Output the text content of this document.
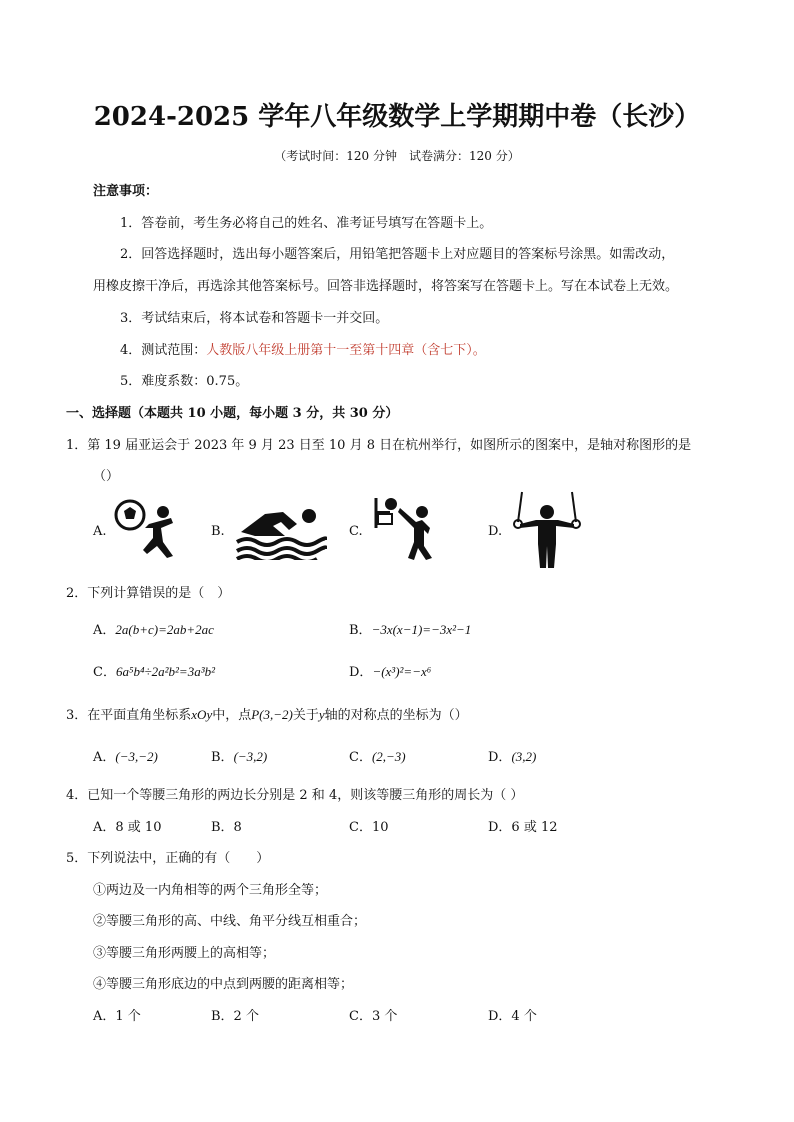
2024-2025 学年八年级数学上学期期中卷（长沙）
（考试时间：120 分钟　试卷满分：120 分）
注意事项：
1．答卷前，考生务必将自己的姓名、准考证号填写在答题卡上。
2．回答选择题时，选出每小题答案后，用铅笔把答题卡上对应题目的答案标号涂黑。如需改动，
用橡皮擦干净后，再选涂其他答案标号。回答非选择题时，将答案写在答题卡上。写在本试卷上无效。
3．考试结束后，将本试卷和答题卡一并交回。
4．测试范围：人教版八年级上册第十一至第十四章（含七下）。
5．难度系数：0.75。
一、选择题（本题共 10 小题，每小题 3 分，共 30 分）
1．第 19 届亚运会于 2023 年 9 月 23 日至 10 月 8 日在杭州举行，如图所示的图案中，是轴对称图形的是
（）
A.	B.	C.	D.
2．下列计算错误的是（　）
A．2a(b+c)=2ab+2ac	B．−3x(x−1)=−3x²−1
C．6a⁵b⁴÷2a²b²=3a³b²	D．−(x³)²=−x⁶
3．在平面直角坐标系xOy中，点P(3,−2)关于y轴的对称点的坐标为（）
A．(−3,−2)	B．(−3,2)	C．(2,−3)	D．(3,2)
4．已知一个等腰三角形的两边长分别是 2 和 4，则该等腰三角形的周长为（ ）
A．8 或 10	B．8	C．10	D．6 或 12
5．下列说法中，正确的有（　　）
①两边及一内角相等的两个三角形全等；
②等腰三角形的高、中线、角平分线互相重合；
③等腰三角形两腰上的高相等；
④等腰三角形底边的中点到两腰的距离相等；
A．1 个	B．2 个	C．3 个	D．4 个
